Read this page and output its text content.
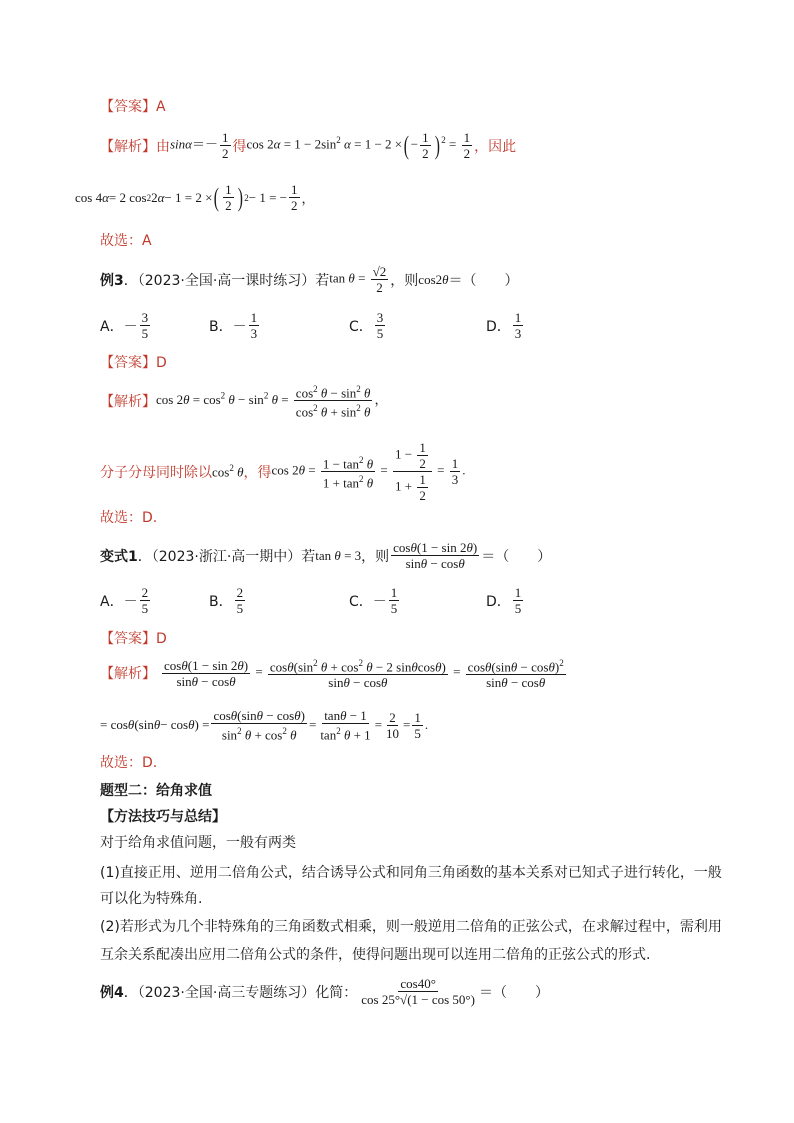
【答案】A
【解析】 由 $\sin\alpha=- \frac{1}{2}$ 得 $\cos 2\alpha = 1 - 2\sin^2$ α = 1 − 2 ×( − $\frac{1}{2}$ ) $^2 = \frac{1}{2}$ ，因此
cos 4 α = 2 cos 2 2 α − 1 = 2 × ( $\frac{1}{2}$ ) 2 − 1 = − $\frac{1}{2}$ ，
故选：A
例3 ．（2023·全国·高一课时练习）若 $\tan \theta = \frac{√2}{2}$ ，则 cos2θ ＝（　　）
A． － $\frac{3}{5}$	B． － $\frac{1}{3}$	C． $\frac{3}{5}$	D． $\frac{1}{3}$
【答案】D
【解析】 $\cos 2\theta = \cos^2 \theta - \sin^2 \theta = \frac{\cos^2 \theta - \sin^2 \theta}{\cos^2 \theta + \sin^2 \theta}$ ，
分子分母同时除以 $\cos^2 \theta$ ，得 $\cos 2\theta = \frac{1 - \tan^2 \theta}{1 + \tan^2 \theta} = \frac{1 - \frac{1}{2}}{1 + \frac{1}{2}} = \frac{1}{3}$ .
故选：D.
变式1 ．（2023·浙江·高一期中）若 tan θ = 3 ，则 $\frac{\cos\theta(1 - \sin 2\theta)}{\sin\theta - \cos\theta}$ ＝（　　）
A． － $\frac{2}{5}$	B． $\frac{2}{5}$	C． － $\frac{1}{5}$	D． $\frac{1}{5}$
【答案】D
【解析】 $\frac{\cos\theta(1 - \sin 2\theta)}{\sin\theta - \cos\theta} = \frac{\cos\theta(\sin^2 \theta + \cos^2 \theta - 2 \sin\theta\cos\theta)}{\sin\theta - \cos\theta} = \frac{\cos\theta(\sin\theta - \cos\theta)^2}{\sin\theta - \cos\theta}$
= cos θ (sin θ − cos θ ) = $\frac{\cos\theta(\sin\theta - \cos\theta)}{\sin^2 \theta + \cos^2 \theta} = \frac{\tan\theta - 1}{\tan^2 \theta + 1} = \frac{2}{10} = \frac{1}{5}$ .
故选：D.
题型二：给角求值
【方法技巧与总结】
对于给角求值问题，一般有两类
(1)直接正用、逆用二倍角公式，结合诱导公式和同角三角函数的基本关系对已知式子进行转化，一般
可以化为特殊角.
(2)若形式为几个非特殊角的三角函数式相乘，则一般逆用二倍角的正弦公式，在求解过程中，需利用
互余关系配凑出应用二倍角公式的条件，使得问题出现可以连用二倍角的正弦公式的形式.
例4 ．（2023·全国·高三专题练习）化简： $\frac{\cos 40^\circ}{\cos 25^\circ√(1 - \cos 50^\circ)}$ ＝（　　）
